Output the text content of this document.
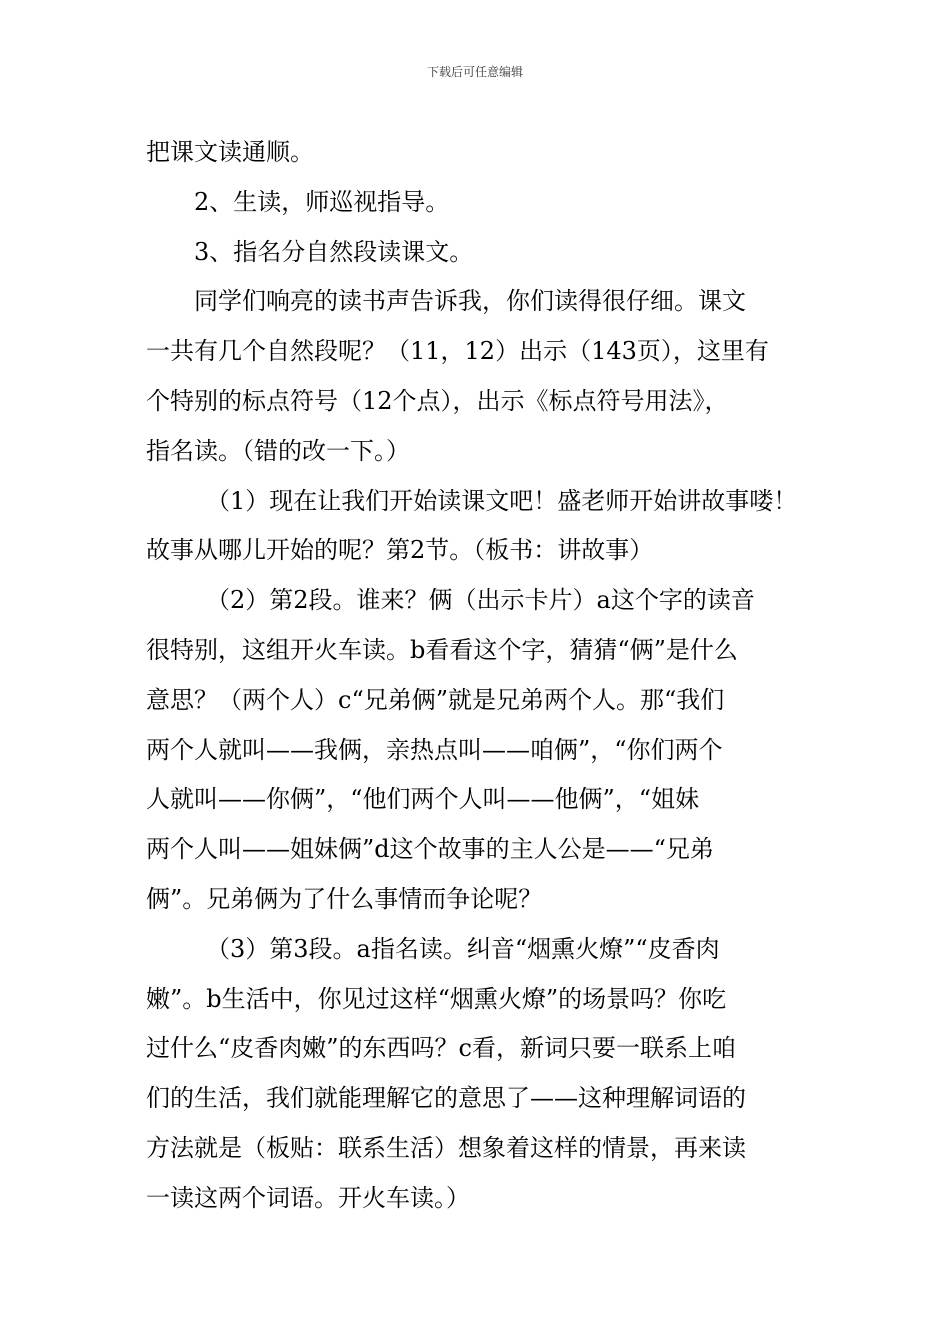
下载后可任意编辑

把课文读通顺。

2、生读，师巡视指导。

3、指名分自然段读课文。

同学们响亮的读书声告诉我，你们读得很仔细。课文

一共有几个自然段呢？（11，12）出示（143页），这里有

个特别的标点符号（12个点），出示《标点符号用法》，

指名读。（错的改一下。）

（1）现在让我们开始读课文吧！盛老师开始讲故事喽！

故事从哪儿开始的呢？第2节。（板书：讲故事）

（2）第2段。谁来？俩（出示卡片）a这个字的读音

很特别，这组开火车读。b看看这个字，猜猜“俩”是什么

意思？（两个人）c“兄弟俩”就是兄弟两个人。那“我们

两个人就叫——我俩，亲热点叫——咱俩”，“你们两个

人就叫——你俩”，“他们两个人叫——他俩”，“姐妹

两个人叫——姐妹俩”d这个故事的主人公是——“兄弟

俩”。兄弟俩为了什么事情而争论呢？

（3）第3段。a指名读。纠音“烟熏火燎”“皮香肉

嫩”。b生活中，你见过这样“烟熏火燎”的场景吗？你吃

过什么“皮香肉嫩”的东西吗？c看，新词只要一联系上咱

们的生活，我们就能理解它的意思了——这种理解词语的

方法就是（板贴：联系生活）想象着这样的情景，再来读

一读这两个词语。开火车读。）
